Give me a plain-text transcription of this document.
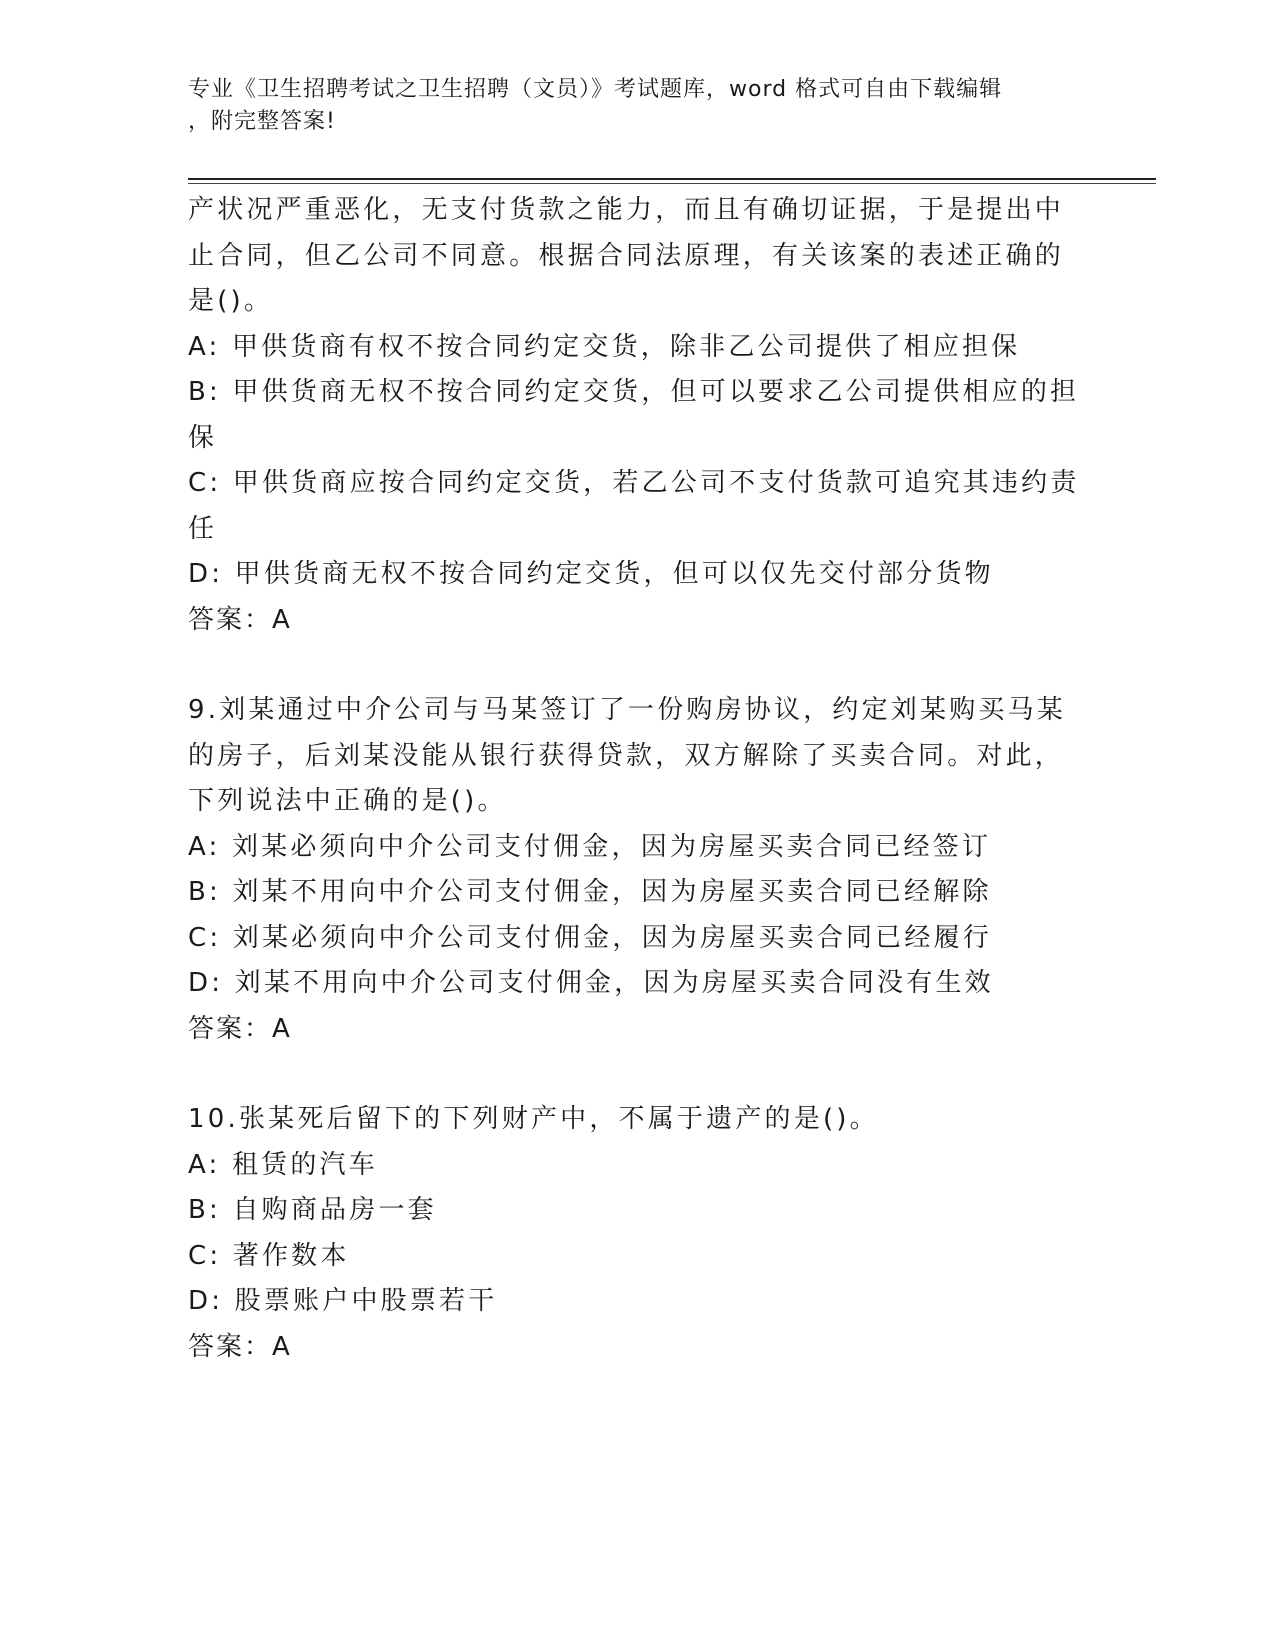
专业《卫生招聘考试之卫生招聘（文员）》考试题库，word 格式可自由下载编辑
，附完整答案!
产状况严重恶化，无支付货款之能力，而且有确切证据，于是提出中
止合同，但乙公司不同意。根据合同法原理，有关该案的表述正确的
是()。
A: 甲供货商有权不按合同约定交货，除非乙公司提供了相应担保
B: 甲供货商无权不按合同约定交货，但可以要求乙公司提供相应的担
保
C: 甲供货商应按合同约定交货，若乙公司不支付货款可追究其违约责
任
D: 甲供货商无权不按合同约定交货，但可以仅先交付部分货物
答案：A
9.刘某通过中介公司与马某签订了一份购房协议，约定刘某购买马某
的房子，后刘某没能从银行获得贷款，双方解除了买卖合同。对此，
下列说法中正确的是()。
A: 刘某必须向中介公司支付佣金，因为房屋买卖合同已经签订
B: 刘某不用向中介公司支付佣金，因为房屋买卖合同已经解除
C: 刘某必须向中介公司支付佣金，因为房屋买卖合同已经履行
D: 刘某不用向中介公司支付佣金，因为房屋买卖合同没有生效
答案：A
10.张某死后留下的下列财产中，不属于遗产的是()。
A: 租赁的汽车
B: 自购商品房一套
C: 著作数本
D: 股票账户中股票若干
答案：A
